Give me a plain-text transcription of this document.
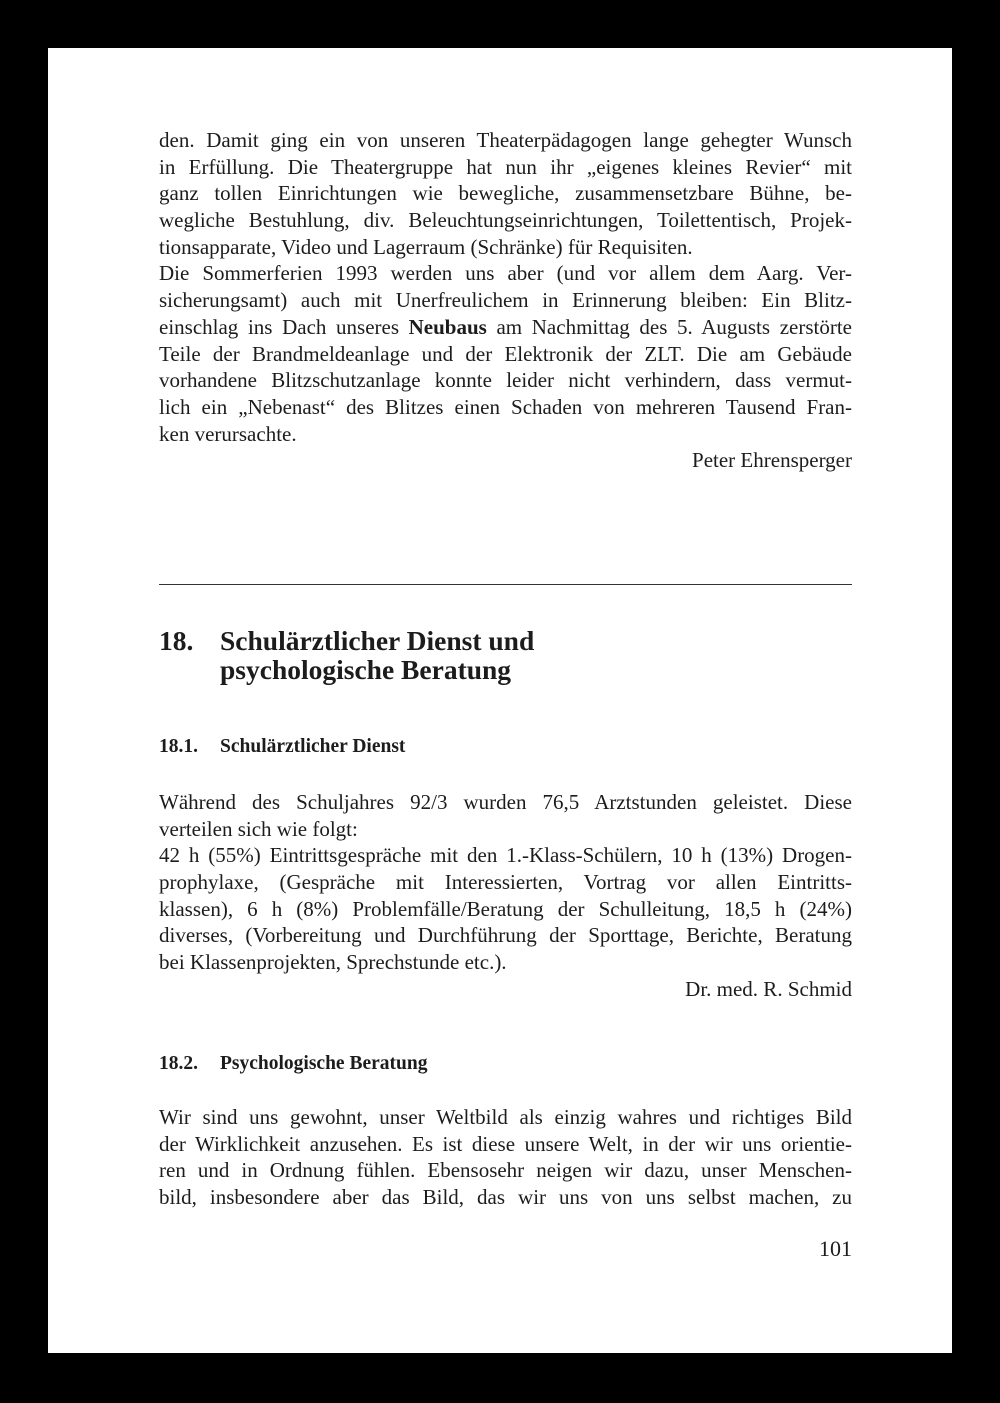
den. Damit ging ein von unseren Theaterpädagogen lange gehegter Wunsch
in Erfüllung. Die Theatergruppe hat nun ihr „eigenes kleines Revier“ mit
ganz tollen Einrichtungen wie bewegliche, zusammensetzbare Bühne, be-
wegliche Bestuhlung, div. Beleuchtungseinrichtungen, Toilettentisch, Projek-
tionsapparate, Video und Lagerraum (Schränke) für Requisiten.
Die Sommerferien 1993 werden uns aber (und vor allem dem Aarg. Ver-
sicherungsamt) auch mit Unerfreulichem in Erinnerung bleiben: Ein Blitz-
einschlag ins Dach unseres Neubaus am Nachmittag des 5. Augusts zerstörte
Teile der Brandmeldeanlage und der Elektronik der ZLT. Die am Gebäude
vorhandene Blitzschutzanlage konnte leider nicht verhindern, dass vermut-
lich ein „Nebenast“ des Blitzes einen Schaden von mehreren Tausend Fran-
ken verursachte.
Peter Ehrensperger
18. Schulärztlicher Dienst und
psychologische Beratung
18.1.	Schulärztlicher Dienst
Während des Schuljahres 92/3 wurden 76,5 Arztstunden geleistet. Diese
verteilen sich wie folgt:
42 h (55%) Eintrittsgespräche mit den 1.-Klass-Schülern, 10 h (13%) Drogen-
prophylaxe, (Gespräche mit Interessierten, Vortrag vor allen Eintritts-
klassen), 6 h (8%) Problemfälle/Beratung der Schulleitung, 18,5 h (24%)
diverses, (Vorbereitung und Durchführung der Sporttage, Berichte, Beratung
bei Klassenprojekten, Sprechstunde etc.).
Dr. med. R. Schmid
18.2.	Psychologische Beratung
Wir sind uns gewohnt, unser Weltbild als einzig wahres und richtiges Bild
der Wirklichkeit anzusehen. Es ist diese unsere Welt, in der wir uns orientie-
ren und in Ordnung fühlen. Ebensosehr neigen wir dazu, unser Menschen-
bild, insbesondere aber das Bild, das wir uns von uns selbst machen, zu
101
